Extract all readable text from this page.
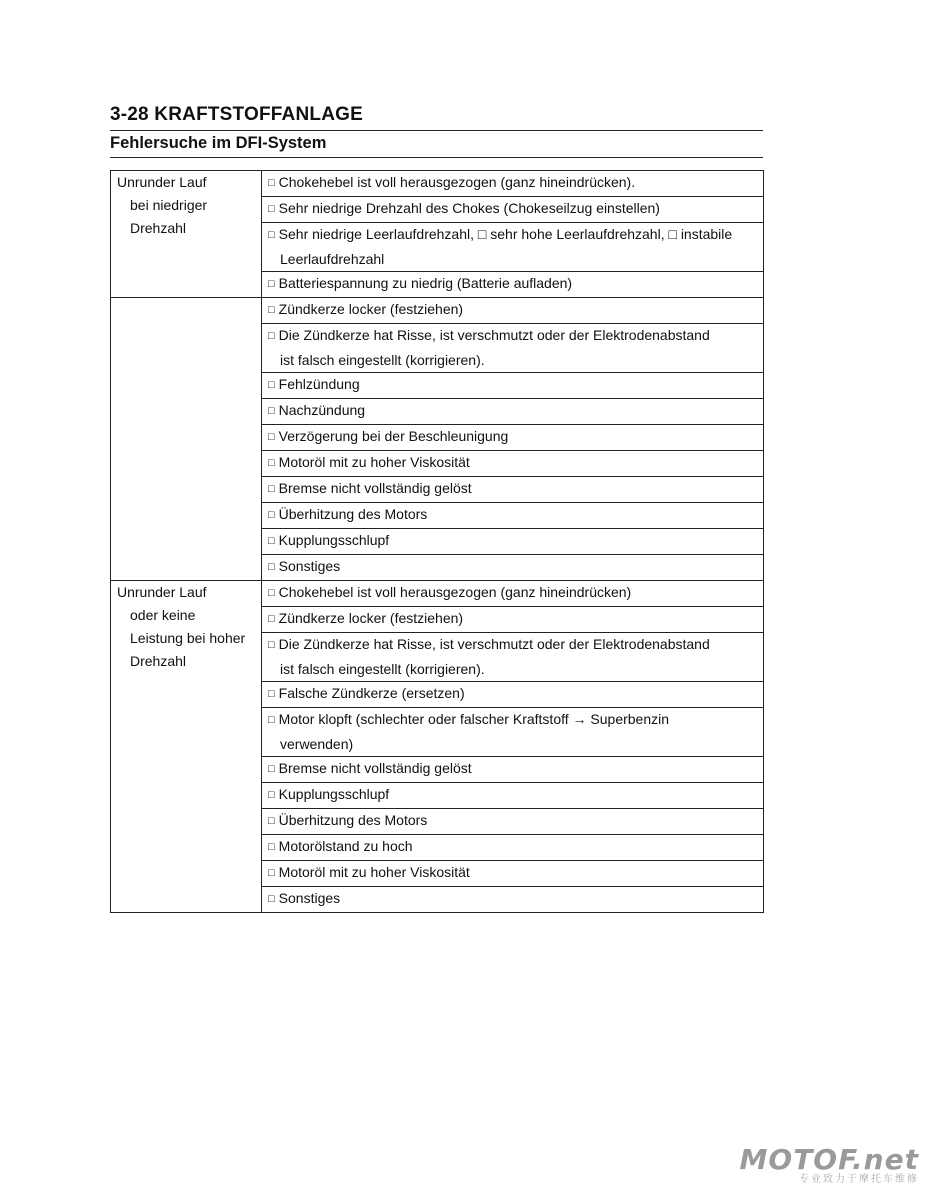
3-28 KRAFTSTOFFANLAGE
Fehlersuche im DFI-System
Unrunder Lauf
bei niedriger
Drehzahl	□ Chokehebel ist voll herausgezogen (ganz hineindrücken).
	□ Sehr niedrige Drehzahl des Chokes (Chokeseilzug einstellen)
	□ Sehr niedrige Leerlaufdrehzahl, □ sehr hohe Leerlaufdrehzahl, □ instabile
Leerlaufdrehzahl

	□ Batteriespannung zu niedrig (Batterie aufladen)
	□ Zündkerze locker (festziehen)
	□ Die Zündkerze hat Risse, ist verschmutzt oder der Elektrodenabstand
ist falsch eingestellt (korrigieren).

	□ Fehlzündung
	□ Nachzündung
	□ Verzögerung bei der Beschleunigung
	□ Motoröl mit zu hoher Viskosität
	□ Bremse nicht vollständig gelöst
	□ Überhitzung des Motors
	□ Kupplungsschlupf
	□ Sonstiges

Unrunder Lauf
oder keine
Leistung bei hoher
Drehzahl	□ Chokehebel ist voll herausgezogen (ganz hineindrücken)
	□ Zündkerze locker (festziehen)
	□ Die Zündkerze hat Risse, ist verschmutzt oder der Elektrodenabstand
ist falsch eingestellt (korrigieren).

	□ Falsche Zündkerze (ersetzen)
	□ Motor klopft (schlechter oder falscher Kraftstoff → Superbenzin
verwenden)

	□ Bremse nicht vollständig gelöst
	□ Kupplungsschlupf
	□ Überhitzung des Motors
	□ Motorölstand zu hoch
	□ Motoröl mit zu hoher Viskosität
	□ Sonstiges
MOTOF.net
专业致力于摩托车维修
